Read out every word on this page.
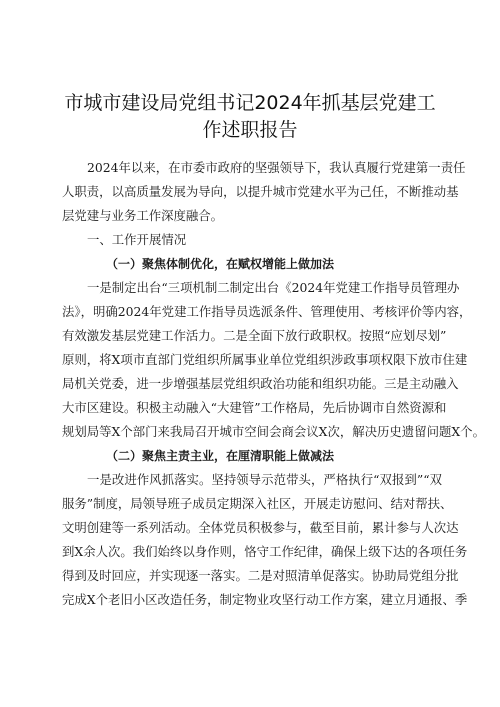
市城市建设局党组书记2024年抓基层党建工
作述职报告
2024年以来，在市委市政府的坚强领导下，我认真履行党建第一责任
人职责，以高质量发展为导向，以提升城市党建水平为己任，不断推动基
层党建与业务工作深度融合。
一、工作开展情况
（一）聚焦体制优化，在赋权增能上做加法
一是制定出台“三项机制二制定出台《2024年党建工作指导员管理办
法》，明确2024年党建工作指导员选派条件、管理使用、考核评价等内容，
有效激发基层党建工作活力。二是全面下放行政职权。按照“应划尽划”
原则，将X项市直部门党组织所属事业单位党组织涉政事项权限下放市住建
局机关党委，进一步增强基层党组织政治功能和组织功能。三是主动融入
大市区建设。积极主动融入“大建管”工作格局，先后协调市自然资源和
规划局等X个部门来我局召开城市空间会商会议X次，解决历史遗留问题X个。
（二）聚焦主责主业，在厘清职能上做减法
一是改进作风抓落实。坚持领导示范带头，严格执行“双报到”“双
服务”制度，局领导班子成员定期深入社区，开展走访慰问、结对帮扶、
文明创建等一系列活动。全体党员积极参与，截至目前，累计参与人次达
到X余人次。我们始终以身作则，恪守工作纪律，确保上级下达的各项任务
得到及时回应，并实现逐一落实。二是对照清单促落实。协助局党组分批
完成X个老旧小区改造任务，制定物业攻坚行动工作方案，建立月通报、季
